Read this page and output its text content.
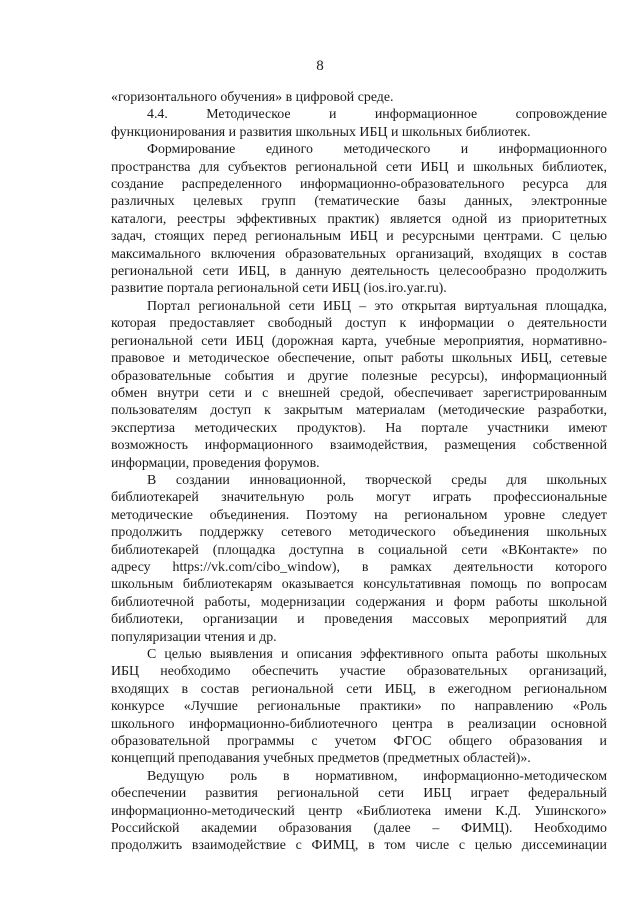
8
«горизонтального обучения» в цифровой среде.
4.4. Методическое и информационное сопровождение
функционирования и развития школьных ИБЦ и школьных библиотек.
Формирование единого методического и информационного
пространства для субъектов региональной сети ИБЦ и школьных библиотек,
создание распределенного информационно-образовательного ресурса для
различных целевых групп (тематические базы данных, электронные
каталоги, реестры эффективных практик) является одной из приоритетных
задач, стоящих перед региональным ИБЦ и ресурсными центрами. С целью
максимального включения образовательных организаций, входящих в состав
региональной сети ИБЦ, в данную деятельность целесообразно продолжить
развитие портала региональной сети ИБЦ (ios.iro.yar.ru).
Портал региональной сети ИБЦ – это открытая виртуальная площадка,
которая предоставляет свободный доступ к информации о деятельности
региональной сети ИБЦ (дорожная карта, учебные мероприятия, нормативно-
правовое и методическое обеспечение, опыт работы школьных ИБЦ, сетевые
образовательные события и другие полезные ресурсы), информационный
обмен внутри сети и с внешней средой, обеспечивает зарегистрированным
пользователям доступ к закрытым материалам (методические разработки,
экспертиза методических продуктов). На портале участники имеют
возможность информационного взаимодействия, размещения собственной
информации, проведения форумов.
В создании инновационной, творческой среды для школьных
библиотекарей значительную роль могут играть профессиональные
методические объединения. Поэтому на региональном уровне следует
продолжить поддержку сетевого методического объединения школьных
библиотекарей (площадка доступна в социальной сети «ВКонтакте» по
адресу https://vk.com/cibo_window), в рамках деятельности которого
школьным библиотекарям оказывается консультативная помощь по вопросам
библиотечной работы, модернизации содержания и форм работы школьной
библиотеки, организации и проведения массовых мероприятий для
популяризации чтения и др.
С целью выявления и описания эффективного опыта работы школьных
ИБЦ необходимо обеспечить участие образовательных организаций,
входящих в состав региональной сети ИБЦ, в ежегодном региональном
конкурсе «Лучшие региональные практики» по направлению «Роль
школьного информационно-библиотечного центра в реализации основной
образовательной программы с учетом ФГОС общего образования и
концепций преподавания учебных предметов (предметных областей)».
Ведущую роль в нормативном, информационно-методическом
обеспечении развития региональной сети ИБЦ играет федеральный
информационно-методический центр «Библиотека имени К.Д. Ушинского»
Российской академии образования (далее – ФИМЦ). Необходимо
продолжить взаимодействие с ФИМЦ, в том числе с целью диссеминации
